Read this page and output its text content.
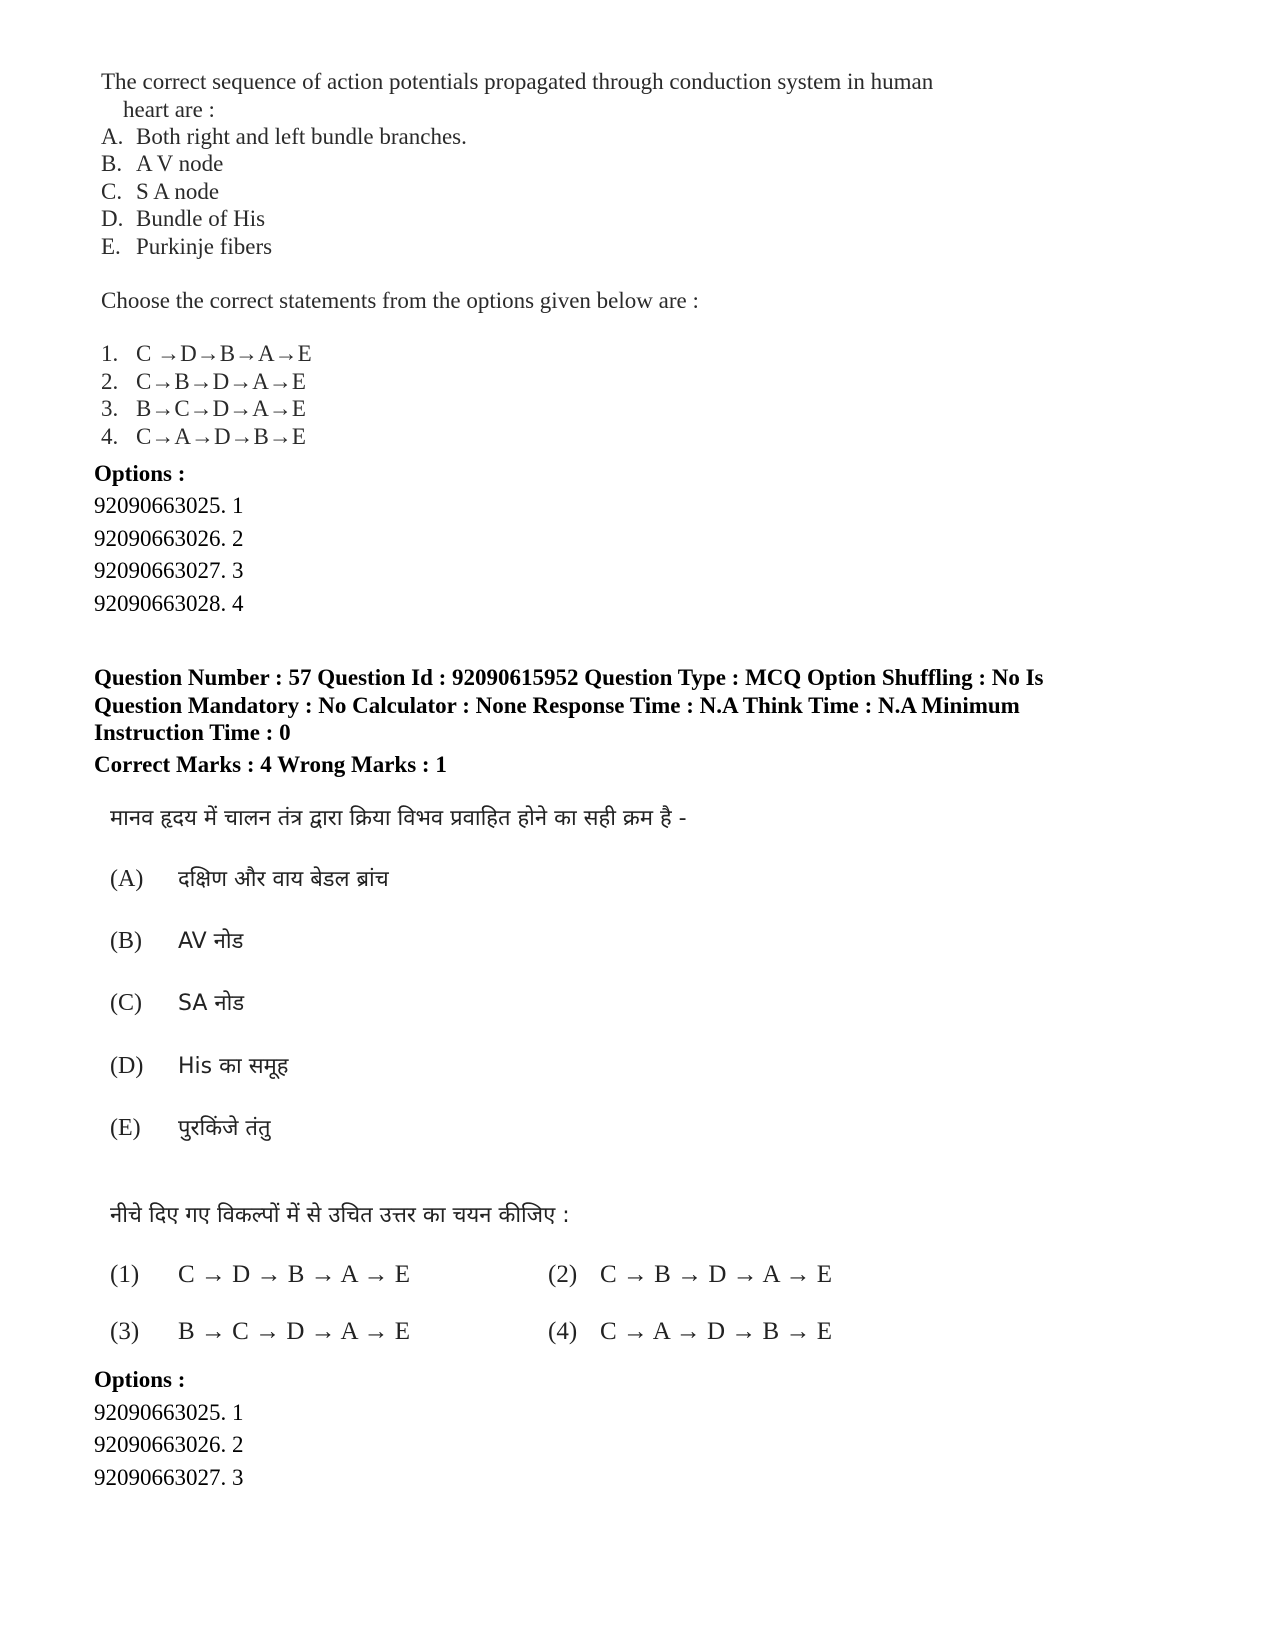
The correct sequence of action potentials propagated through conduction system in human
heart are :
A. Both right and left bundle branches.
B. A V node
C. S A node
D. Bundle of His
E. Purkinje fibers
Choose the correct statements from the options given below are :
1. C →D→B→A→E
2. C→B→D→A→E
3. B→C→D→A→E
4. C→A→D→B→E
Options :
92090663025. 1
92090663026. 2
92090663027. 3
92090663028. 4
Question Number : 57 Question Id : 92090615952 Question Type : MCQ Option Shuffling : No Is
Question Mandatory : No Calculator : None Response Time : N.A Think Time : N.A Minimum
Instruction Time : 0
Correct Marks : 4 Wrong Marks : 1
मानव हृदय में चालन तंत्र द्वारा क्रिया विभव प्रवाहित होने का सही क्रम है -
(A) दक्षिण और वाय बेडल ब्रांच
(B) AV नोड
(C) SA नोड
(D) His का समूह
(E) पुरकिंजे तंतु
नीचे दिए गए विकल्पों में से उचित उत्तर का चयन कीजिए :
(1) C → D → B → A → E	(2) C → B → D → A → E
(3) B → C → D → A → E	(4) C → A → D → B → E
Options :
92090663025. 1
92090663026. 2
92090663027. 3
